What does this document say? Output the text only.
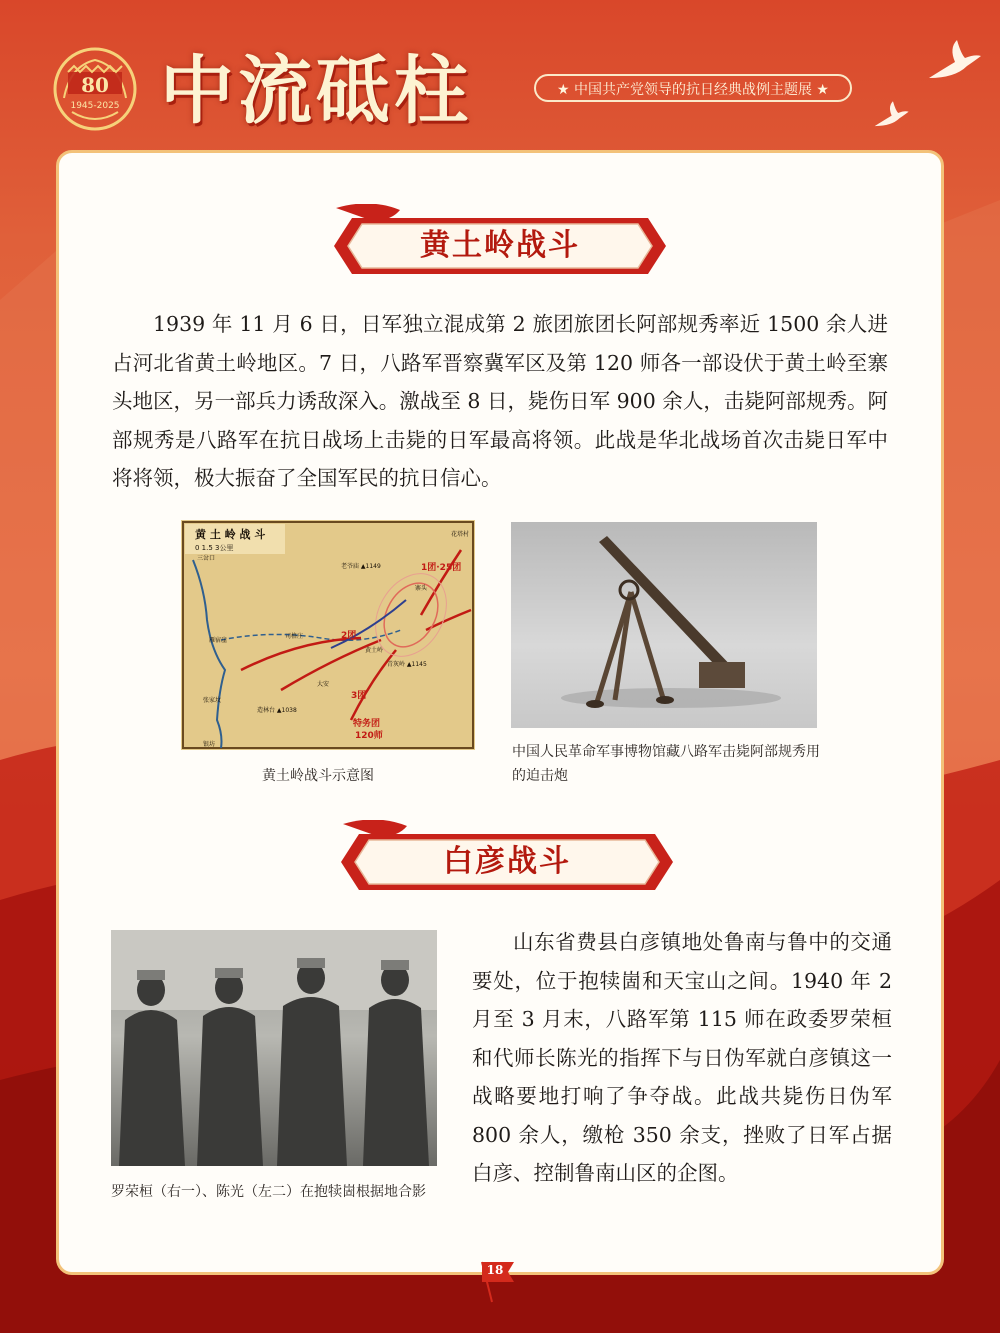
80
1945-2025 中流砥柱	★ 中国共产党领导的抗日经典战例主题展 ★
黄土岭战斗

1939 年 11 月 6 日，日军独立混成第 2 旅团旅团长阿部规秀率近 1500 余人进占河北省黄土岭地区。7 日，八路军晋察冀军区及第 120 师各一部设伏于黄土岭至寨头地区，另一部兵力诱敌深入。激战至 8 日，毙伤日军 900 余人，击毙阿部规秀。阿部规秀是八路军在抗日战场上击毙的日军最高将领。此战是华北战场首次击毙日军中将将领，极大振奋了全国军民的抗日信心。

黄 土 岭 战 斗
0 1.5 3公里
三岔口
雁宿崖
张家坟
银坊
司格庄
黄土岭
老爷庙 ▲1149
大安
青灰岭 ▲1145
造林台 ▲1038
寨头
花塔村
1团·25团
2团
3团
特务团
120师

黄土岭战斗示意图

中国人民革命军事博物馆藏八路军击毙阿部规秀用的迫击炮

白彦战斗

罗荣桓（右一）、陈光（左二）在抱犊崮根据地合影

山东省费县白彦镇地处鲁南与鲁中的交通要处，位于抱犊崮和天宝山之间。1940 年 2 月至 3 月末，八路军第 115 师在政委罗荣桓和代师长陈光的指挥下与日伪军就白彦镇这一战略要地打响了争夺战。此战共毙伤日伪军 800 余人，缴枪 350 余支，挫败了日军占据白彦、控制鲁南山区的企图。

18
